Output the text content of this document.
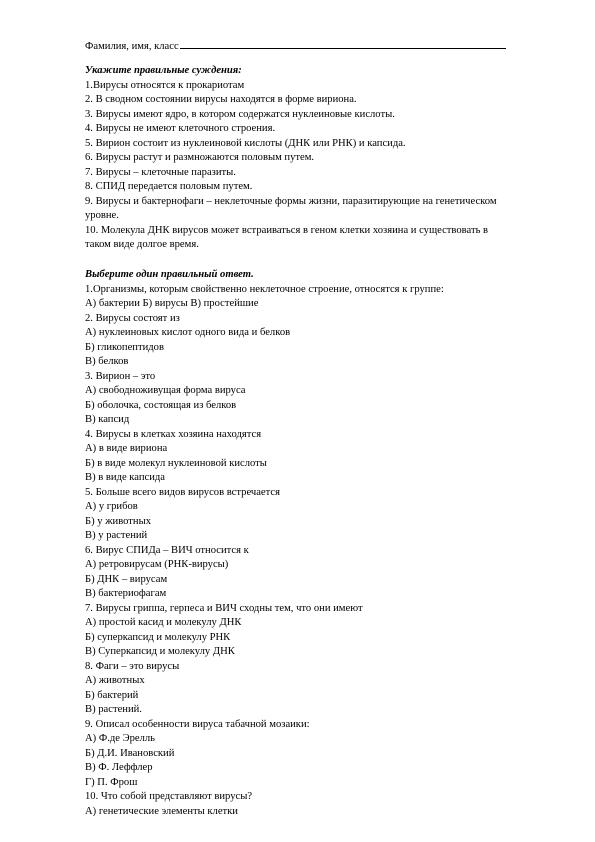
Фамилия, имя, класс

Укажите правильные суждения:

1.Вирусы относятся к прокариотам

2. В сводном состоянии вирусы находятся в форме вириона.

3. Вирусы имеют ядро, в котором содержатся нуклеиновые кислоты.

4. Вирусы не имеют клеточного строения.

5. Вирион состоит из нуклеиновой кислоты (ДНК или РНК) и капсида.

6. Вирусы растут и размножаются половым путем.

7. Вирусы – клеточные паразиты.

8. СПИД передается половым путем.

9. Вирусы и бактернофаги – неклеточные формы жизни, паразитирующие на генетическом

уровне.

10. Молекула ДНК вирусов может встраиваться в геном клетки хозяина и существовать в

таком виде долгое время.

Выберите один правильный ответ.

1.Организмы, которым свойственно неклеточное строение, относятся к группе:

А) бактерии Б) вирусы В) простейшие

2. Вирусы состоят из

А) нуклеиновых кислот одного вида и белков

Б) гликопептидов

В) белков

3. Вирион – это

А) свободноживущая форма вируса

Б) оболочка, состоящая из белков

В) капсид

4. Вирусы в клетках хозяина находятся

А) в виде вириона

Б) в виде молекул нуклеиновой кислоты

В) в виде капсида

5. Больше всего видов вирусов встречается

А) у грибов

Б) у животных

В) у растений

6. Вирус СПИДа – ВИЧ относится к

А) ретровирусам (РНК-вирусы)

Б) ДНК – вирусам

В) бактериофагам

7. Вирусы гриппа, герпеса и ВИЧ сходны тем, что они имеют

А) простой касид и молекулу ДНК

Б) суперкапсид и молекулу РНК

В) Суперкапсид и молекулу ДНК

8. Фаги – это вирусы

А) животных

Б) бактерий

В) растений.

9. Описал особенности вируса табачной мозаики:

А) Ф.де Эрелль

Б) Д.И. Ивановский

В) Ф. Леффлер

Г) П. Фрош

10. Что собой представляют вирусы?

А) генетические элементы клетки
